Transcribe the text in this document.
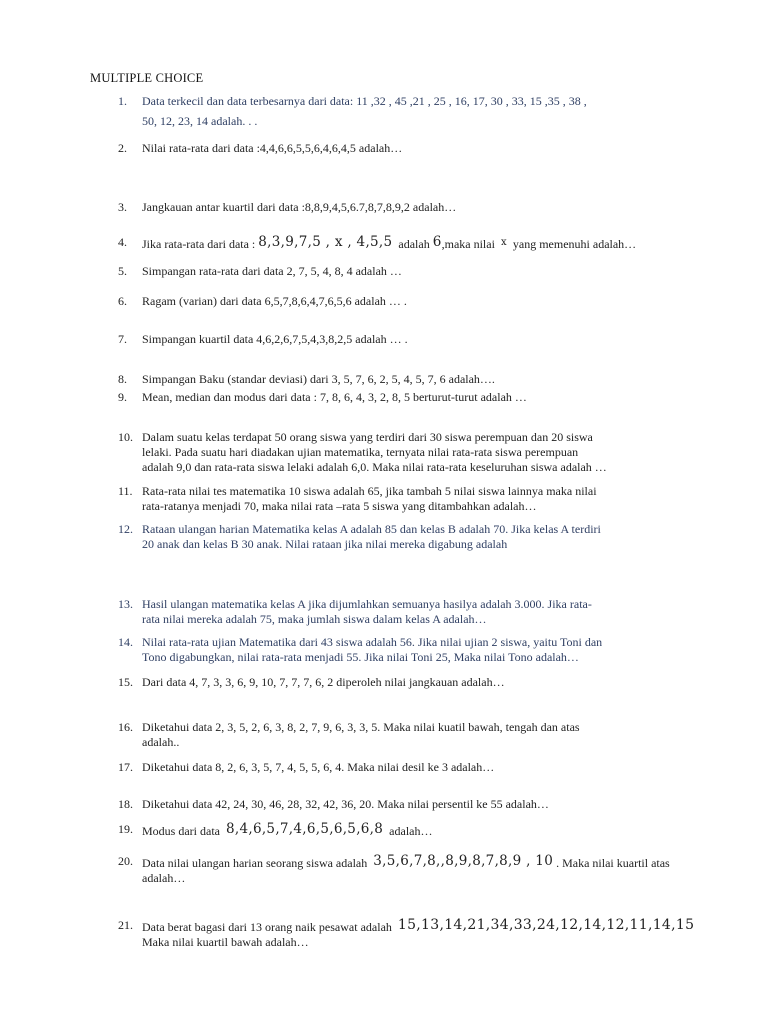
MULTIPLE CHOICE
1. Data terkecil dan data terbesarnya dari data: 11 ,32 , 45 ,21 , 25 , 16, 17, 30 , 33, 15 ,35 , 38 ,
50, 12, 23, 14 adalah. . .
2. Nilai rata-rata dari data :4,4,6,6,5,5,6,4,6,4,5 adalah…
3. Jangkauan antar kuartil dari data :8,8,9,4,5,6.7,8,7,8,9,2 adalah…
4. Jika rata-rata dari data : 8,3,9,7,5 , x , 4,5,5 adalah 6,maka nilai $^x$ yang memenuhi adalah…
5. Simpangan rata-rata dari data 2, 7, 5, 4, 8, 4 adalah …
6. Ragam (varian) dari data 6,5,7,8,6,4,7,6,5,6 adalah … .
7. Simpangan kuartil data 4,6,2,6,7,5,4,3,8,2,5 adalah … .
8. Simpangan Baku (standar deviasi) dari 3, 5, 7, 6, 2, 5, 4, 5, 7, 6 adalah….
9. Mean, median dan modus dari data : 7, 8, 6, 4, 3, 2, 8, 5 berturut-turut adalah …
10. Dalam suatu kelas terdapat 50 orang siswa yang terdiri dari 30 siswa perempuan dan 20 siswa
lelaki. Pada suatu hari diadakan ujian matematika, ternyata nilai rata-rata siswa perempuan
adalah 9,0 dan rata-rata siswa lelaki adalah 6,0. Maka nilai rata-rata keseluruhan siswa adalah …
11. Rata-rata nilai tes matematika 10 siswa adalah 65, jika tambah 5 nilai siswa lainnya maka nilai
rata-ratanya menjadi 70, maka nilai rata –rata 5 siswa yang ditambahkan adalah…
12. Rataan ulangan harian Matematika kelas A adalah 85 dan kelas B adalah 70. Jika kelas A terdiri
20 anak dan kelas B 30 anak. Nilai rataan jika nilai mereka digabung adalah
13. Hasil ulangan matematika kelas A jika dijumlahkan semuanya hasilya adalah 3.000. Jika rata-
rata nilai mereka adalah 75, maka jumlah siswa dalam kelas A adalah…
14. Nilai rata-rata ujian Matematika dari 43 siswa adalah 56. Jika nilai ujian 2 siswa, yaitu Toni dan
Tono digabungkan, nilai rata-rata menjadi 55. Jika nilai Toni 25, Maka nilai Tono adalah…
15. Dari data 4, 7, 3, 3, 6, 9, 10, 7, 7, 7, 6, 2 diperoleh nilai jangkauan adalah…
16. Diketahui data 2, 3, 5, 2, 6, 3, 8, 2, 7, 9, 6, 3, 3, 5. Maka nilai kuatil bawah, tengah dan atas
adalah..
17. Diketahui data 8, 2, 6, 3, 5, 7, 4, 5, 5, 6, 4. Maka nilai desil ke 3 adalah…
18. Diketahui data 42, 24, 30, 46, 28, 32, 42, 36, 20. Maka nilai persentil ke 55 adalah…
19. Modus dari data 8,4,6,5,7,4,6,5,6,5,6,8 adalah…
20. Data nilai ulangan harian seorang siswa adalah 3,5,6,7,8,,8,9,8,7,8,9 , 10 . Maka nilai kuartil atas
adalah…
21. Data berat bagasi dari 13 orang naik pesawat adalah 15,13,14,21,34,33,24,12,14,12,11,14,15
Maka nilai kuartil bawah adalah…
